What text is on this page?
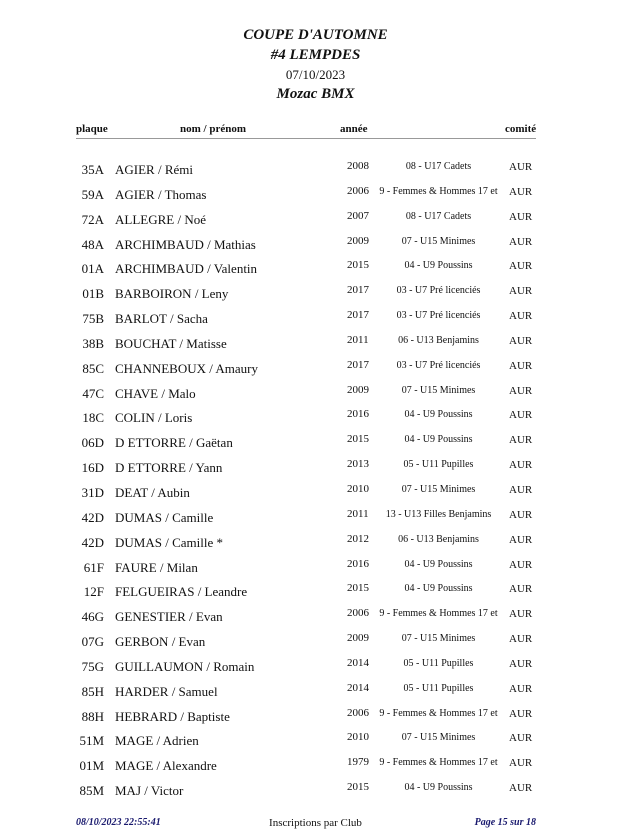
COUPE D'AUTOMNE
#4 LEMPDES
07/10/2023
Mozac BMX
plaque	nom / prénom	année	comité
35A AGIER / Rémi	2008	08 - U17 Cadets	AUR
59A AGIER / Thomas	2006	9 - Femmes & Hommes 17 et	AUR
72A ALLEGRE / Noé	2007	08 - U17 Cadets	AUR
48A ARCHIMBAUD / Mathias	2009	07 - U15 Minimes	AUR
01A ARCHIMBAUD / Valentin	2015	04 - U9 Poussins	AUR
01B BARBOIRON / Leny	2017	03 - U7 Pré licenciés	AUR
75B BARLOT / Sacha	2017	03 - U7 Pré licenciés	AUR
38B BOUCHAT / Matisse	2011	06 - U13 Benjamins	AUR
85C CHANNEBOUX / Amaury	2017	03 - U7 Pré licenciés	AUR
47C CHAVE / Malo	2009	07 - U15 Minimes	AUR
18C COLIN / Loris	2016	04 - U9 Poussins	AUR
06D D ETTORRE / Gaëtan	2015	04 - U9 Poussins	AUR
16D D ETTORRE / Yann	2013	05 - U11 Pupilles	AUR
31D DEAT / Aubin	2010	07 - U15 Minimes	AUR
42D DUMAS / Camille	2011	13 - U13 Filles Benjamins	AUR
42D DUMAS / Camille *	2012	06 - U13 Benjamins	AUR
61F FAURE / Milan	2016	04 - U9 Poussins	AUR
12F FELGUEIRAS / Leandre	2015	04 - U9 Poussins	AUR
46G GENESTIER / Evan	2006	9 - Femmes & Hommes 17 et	AUR
07G GERBON / Evan	2009	07 - U15 Minimes	AUR
75G GUILLAUMON / Romain	2014	05 - U11 Pupilles	AUR
85H HARDER / Samuel	2014	05 - U11 Pupilles	AUR
88H HEBRARD / Baptiste	2006	9 - Femmes & Hommes 17 et	AUR
51M MAGE / Adrien	2010	07 - U15 Minimes	AUR
01M MAGE / Alexandre	1979	9 - Femmes & Hommes 17 et	AUR
85M MAJ / Victor	2015	04 - U9 Poussins	AUR
08/10/2023 22:55:41	Inscriptions par Club	Page 15 sur 18
